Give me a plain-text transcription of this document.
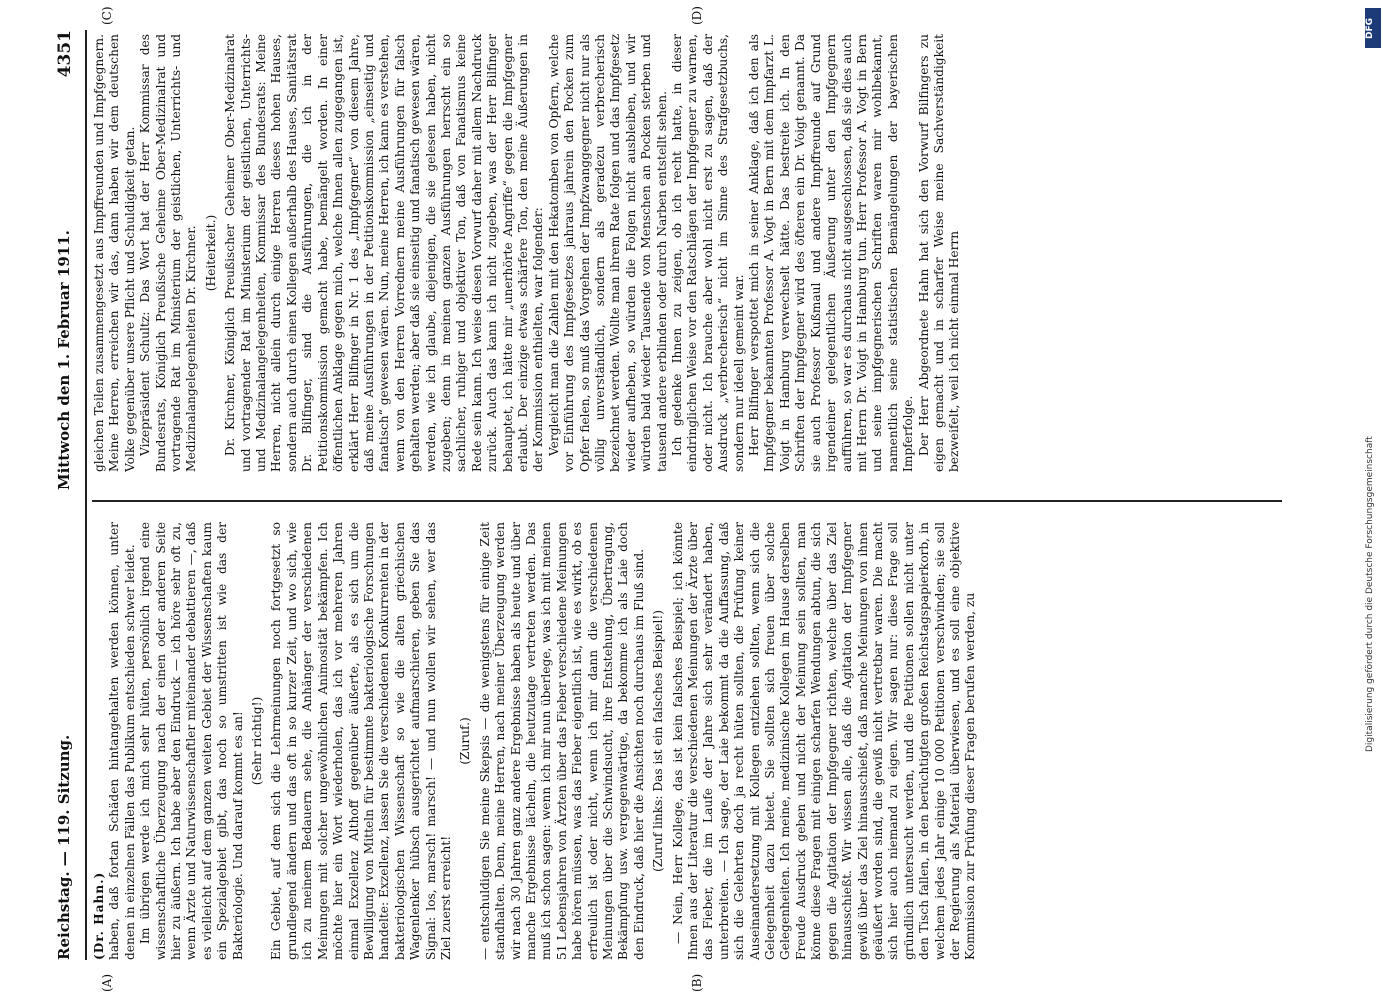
Reichstag. — 119. Sitzung.
Mittwoch den 1. Februar 1911.
4351
(A)	(B)
(C)	(D)

(Dr. Hahn.) haben, daß fortan Schäden hintangehalten werden können, unter denen in einzelnen Fällen das Publikum entschieden schwer leidet. Im übrigen werde ich mich sehr hüten, persönlich irgend eine wissenschaftliche Überzeugung nach der einen oder anderen Seite hier zu äußern. Ich habe aber den Eindruck — ich höre sehr oft zu, wenn Ärzte und Naturwissenschaftler miteinander debattieren —, daß es vielleicht auf dem ganzen weiten Gebiet der Wissenschaften kaum ein Spezialgebiet gibt, das noch so umstritten ist wie das der Bakteriologie. Und darauf kommt es an! (Sehr richtig!) Ein Gebiet, auf dem sich die Lehrmeinungen noch fortgesetzt so grundlegend ändern und das oft in so kurzer Zeit, und wo sich, wie ich zu meinem Bedauern sehe, die Anhänger der verschiedenen Meinungen mit solcher ungewöhnlichen Animosität bekämpfen. Ich möchte hier ein Wort wiederholen, das ich vor mehreren Jahren einmal Exzellenz Althoff gegenüber äußerte, als es sich um die Bewilligung von Mitteln für bestimmte bakteriologische Forschungen handelte: Exzellenz, lassen Sie die verschiedenen Konkurrenten in der bakteriologischen Wissenschaft so wie die alten griechischen Wagenlenker hübsch ausgerichtet aufmarschieren, geben Sie das Signal: los, marsch! marsch! — und nun wollen wir sehen, wer das Ziel zuerst erreicht!

(Zuruf.) — entschuldigen Sie meine Skepsis — die wenigstens für einige Zeit standhalten. Denn, meine Herren, nach meiner Überzeugung werden wir nach 30 Jahren ganz andere Ergebnisse haben als heute und über manche Ergebnisse lächeln, die heutzutage vertreten werden. Das muß ich schon sagen: wenn ich mir nun überlege, was ich mit meinen 51 Lebensjahren von Ärzten über das Fieber verschiedene Meinungen habe hören müssen, was das Fieber eigentlich ist, wie es wirkt, ob es erfreulich ist oder nicht, wenn ich mir dann die verschiedenen Meinungen über die Schwindsucht, ihre Entstehung, Übertragung, Bekämpfung usw. vergegenwärtige, da bekomme ich als Laie doch den Eindruck, daß hier die Ansichten noch durchaus im Fluß sind. (Zuruf links: Das ist ein falsches Beispiel!) — Nein, Herr Kollege, das ist kein falsches Beispiel; ich könnte Ihnen aus der Literatur die verschiedenen Meinungen der Ärzte über das Fieber, die im Laufe der Jahre sich sehr verändert haben, unterbreiten. — Ich sage, der Laie bekommt da die Auffassung, daß sich die Gelehrten doch ja recht hüten sollten, die Prüfung keiner Auseinandersetzung mit Kollegen entziehen sollten, wenn sich die Gelegenheit dazu bietet. Sie sollten sich freuen über solche Gelegenheiten. Ich meine, medizinische Kollegen im Hause derselben Freude Ausdruck geben und nicht der Meinung sein sollten, man könne diese Fragen mit einigen scharfen Wendungen abtun, die sich gegen die Agitation der Impfgegner richten, welche über das Ziel hinausschießt. Wir wissen alle, daß die Agitation der Impfgegner gewiß über das Ziel hinausschießt, daß manche Meinungen von ihnen geäußert worden sind, die gewiß nicht vertretbar waren. Die macht sich hier auch niemand zu eigen. Wir sagen nur: diese Frage soll gründlich untersucht werden, und die Petitionen sollen nicht unter den Tisch fallen, in den berüchtigten großen Reichstagspapierkorb, in welchem jedes Jahr einige 10 000 Petitionen verschwinden; sie soll der Regierung als Material überwiesen, und es soll eine objektive Kommission zur Prüfung dieser Fragen berufen werden, zu

gleichen Teilen zusammengesetzt aus Impffreunden und Impfgegnern. Meine Herren, erreichen wir das, dann haben wir dem deutschen Volke gegenüber unsere Pflicht und Schuldigkeit getan. Vizepräsident Schultz: Das Wort hat der Herr Kommissar des Bundesrats, Königlich Preußische Geheime Ober-Medizinalrat und vortragende Rat im Ministerium der geistlichen, Unterrichts- und Medizinalangelegenheiten Dr. Kirchner. (Heiterkeit.) Dr. Kirchner, Königlich Preußischer Geheimer Ober-Medizinalrat und vortragender Rat im Ministerium der geistlichen, Unterrichts- und Medizinalangelegenheiten, Kommissar des Bundesrats: Meine Herren, nicht allein durch einige Herren dieses hohen Hauses, sondern auch durch einen Kollegen außerhalb des Hauses, Sanitätsrat Dr. Bilfinger, sind die Ausführungen, die ich in der Petitionskommission gemacht habe, bemängelt worden. In einer öffentlichen Anklage gegen mich, welche Ihnen allen zugegangen ist, erklärt Herr Bilfinger in Nr. 1 des „Impfgegner“ von diesem Jahre, daß meine Ausführungen in der Petitionskommission „einseitig und fanatisch“ gewesen wären. Nun, meine Herren, ich kann es verstehen, wenn von den Herren Vorrednern meine Ausführungen für falsch gehalten werden; aber daß sie einseitig und fanatisch gewesen wären, werden, wie ich glaube, diejenigen, die sie gelesen haben, nicht zugeben; denn in meinen ganzen Ausführungen herrscht ein so sachlicher, ruhiger und objektiver Ton, daß von Fanatismus keine Rede sein kann. Ich weise diesen Vorwurf daher mit allem Nachdruck zurück. Auch das kann ich nicht zugeben, was der Herr Bilfinger behauptet, ich hätte mir „unerhörte Angriffe“ gegen die Impfgegner erlaubt. Der einzige etwas schärfere Ton, den meine Äußerungen in der Kommission enthielten, war folgender: Vergleicht man die Zahlen mit den Hekatomben von Opfern, welche vor Einführung des Impfgesetzes jahraus jahrein den Pocken zum Opfer fielen, so muß das Vorgehen der Impfzwanggegner nicht nur als völlig unverständlich, sondern als geradezu verbrecherisch bezeichnet werden. Wollte man ihrem Rate folgen und das Impfgesetz wieder aufheben, so würden die Folgen nicht ausbleiben, und wir würden bald wieder Tausende von Menschen an Pocken sterben und tausend andere erblinden oder durch Narben entstellt sehen. Ich gedenke Ihnen zu zeigen, ob ich recht hatte, in dieser eindringlichen Weise vor den Ratschlägen der Impfgegner zu warnen, oder nicht. Ich brauche aber wohl nicht erst zu sagen, daß der Ausdruck „verbrecherisch“ nicht im Sinne des Strafgesetzbuchs, sondern nur ideell gemeint war. Herr Bilfinger verspottet mich in seiner Anklage, daß ich den als Impfgegner bekannten Professor A. Vogt in Bern mit dem Impfarzt L. Voigt in Hamburg verwechselt hätte. Das bestreite ich. In den Schriften der Impfgegner wird des öfteren ein Dr. Voigt genannt. Da sie auch Professor Kußmaul und andere Impffreunde auf Grund irgendeiner gelegentlichen Äußerung unter den Impfgegnern aufführen, so war es durchaus nicht ausgeschlossen, daß sie dies auch mit Herrn Dr. Voigt in Hamburg tun. Herr Professor A. Vogt in Bern und seine impfgegnerischen Schriften waren mir wohlbekannt, namentlich seine statistischen Bemängelungen der bayerischen Impferfolge. Der Herr Abgeordnete Hahn hat sich den Vorwurf Bilfingers zu eigen gemacht und in scharfer Weise meine Sachverständigkeit bezweifelt, weil ich nicht einmal Herrn

DFG
Digitalisierung gefördert durch die Deutsche Forschungsgemeinschaft
